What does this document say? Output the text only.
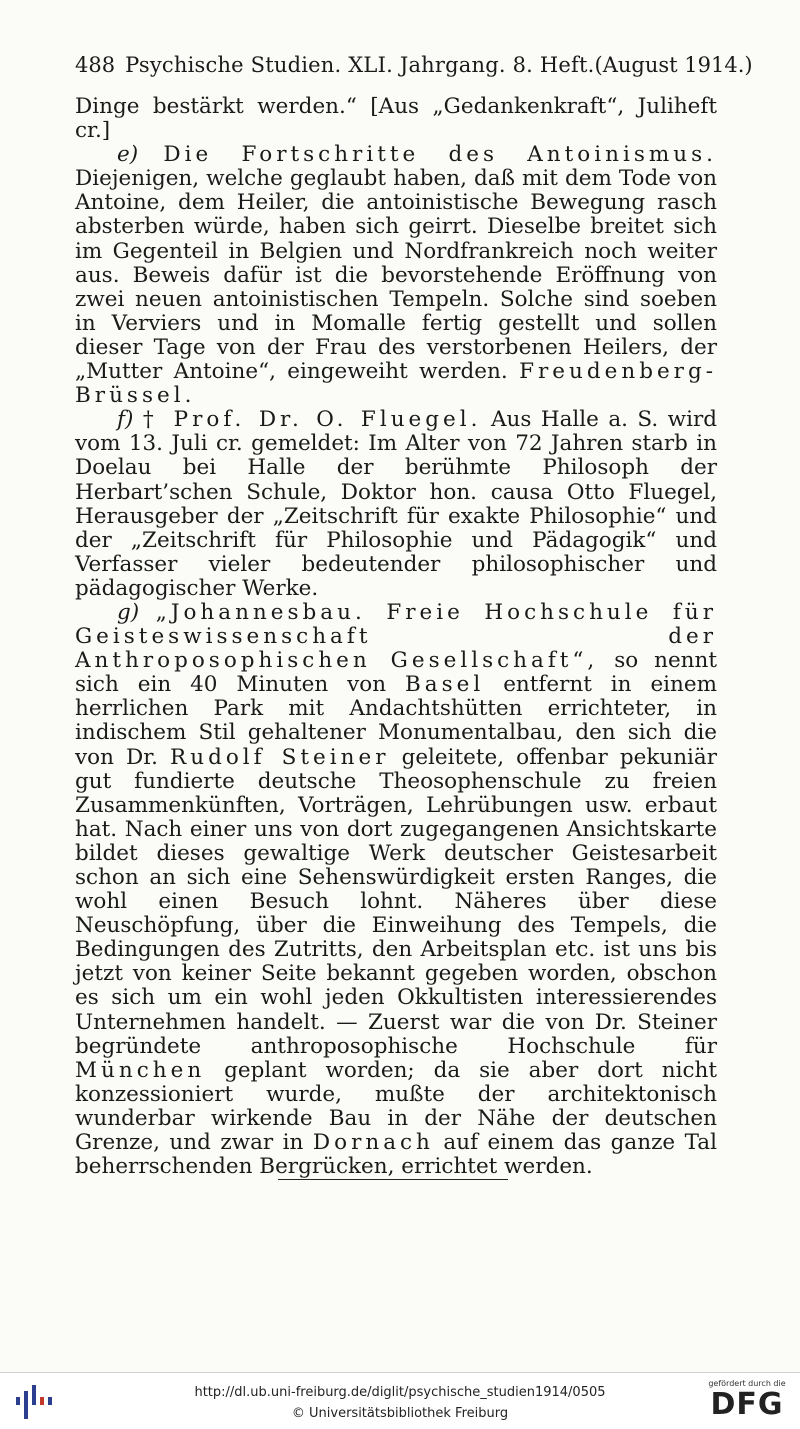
488 Psychische Studien. XLI. Jahrgang. 8. Heft. (August 1914.)

Dinge bestärkt werden.“ [Aus „Gedankenkraft“, Juliheft cr.]

e) Die Fortschritte des Antoinismus. Diejenigen, welche geglaubt haben, daß mit dem Tode von Antoine, dem Heiler, die antoinistische Bewegung rasch absterben würde, haben sich geirrt. Dieselbe breitet sich im Gegenteil in Belgien und Nordfrankreich noch weiter aus. Beweis dafür ist die bevorstehende Eröffnung von zwei neuen antoinistischen Tempeln. Solche sind soeben in Verviers und in Momalle fertig gestellt und sollen dieser Tage von der Frau des verstorbenen Heilers, der „Mutter Antoine“, eingeweiht werden. Freudenberg-Brüssel.

f) † Prof. Dr. O. Fluegel. Aus Halle a. S. wird vom 13. Juli cr. gemeldet: Im Alter von 72 Jahren starb in Doelau bei Halle der berühmte Philosoph der Herbart’schen Schule, Doktor hon. causa Otto Fluegel, Herausgeber der „Zeitschrift für exakte Philosophie“ und der „Zeitschrift für Philosophie und Pädagogik“ und Verfasser vieler bedeutender philosophischer und pädagogischer Werke.

g) „Johannesbau. Freie Hochschule für Geisteswissenschaft der Anthroposophischen Gesellschaft“, so nennt sich ein 40 Minuten von Basel entfernt in einem herrlichen Park mit Andachtshütten errichteter, in indischem Stil gehaltener Monumentalbau, den sich die von Dr. Rudolf Steiner geleitete, offenbar pekuniär gut fundierte deutsche Theosophenschule zu freien Zusammenkünften, Vorträgen, Lehrübungen usw. erbaut hat. Nach einer uns von dort zugegangenen Ansichtskarte bildet dieses gewaltige Werk deutscher Geistesarbeit schon an sich eine Sehenswürdigkeit ersten Ranges, die wohl einen Besuch lohnt. Näheres über diese Neuschöpfung, über die Einweihung des Tempels, die Bedingungen des Zutritts, den Arbeitsplan etc. ist uns bis jetzt von keiner Seite bekannt gegeben worden, obschon es sich um ein wohl jeden Okkultisten interessierendes Unternehmen handelt. — Zuerst war die von Dr. Steiner begründete anthroposophische Hochschule für München geplant worden; da sie aber dort nicht konzessioniert wurde, mußte der architektonisch wunderbar wirkende Bau in der Nähe der deutschen Grenze, und zwar in Dornach auf einem das ganze Tal beherrschenden Bergrücken, errichtet werden.

http://dl.ub.uni-freiburg.de/diglit/psychische_studien1914/0505
© Universitätsbibliothek Freiburg
gefördert durch die
DFG
